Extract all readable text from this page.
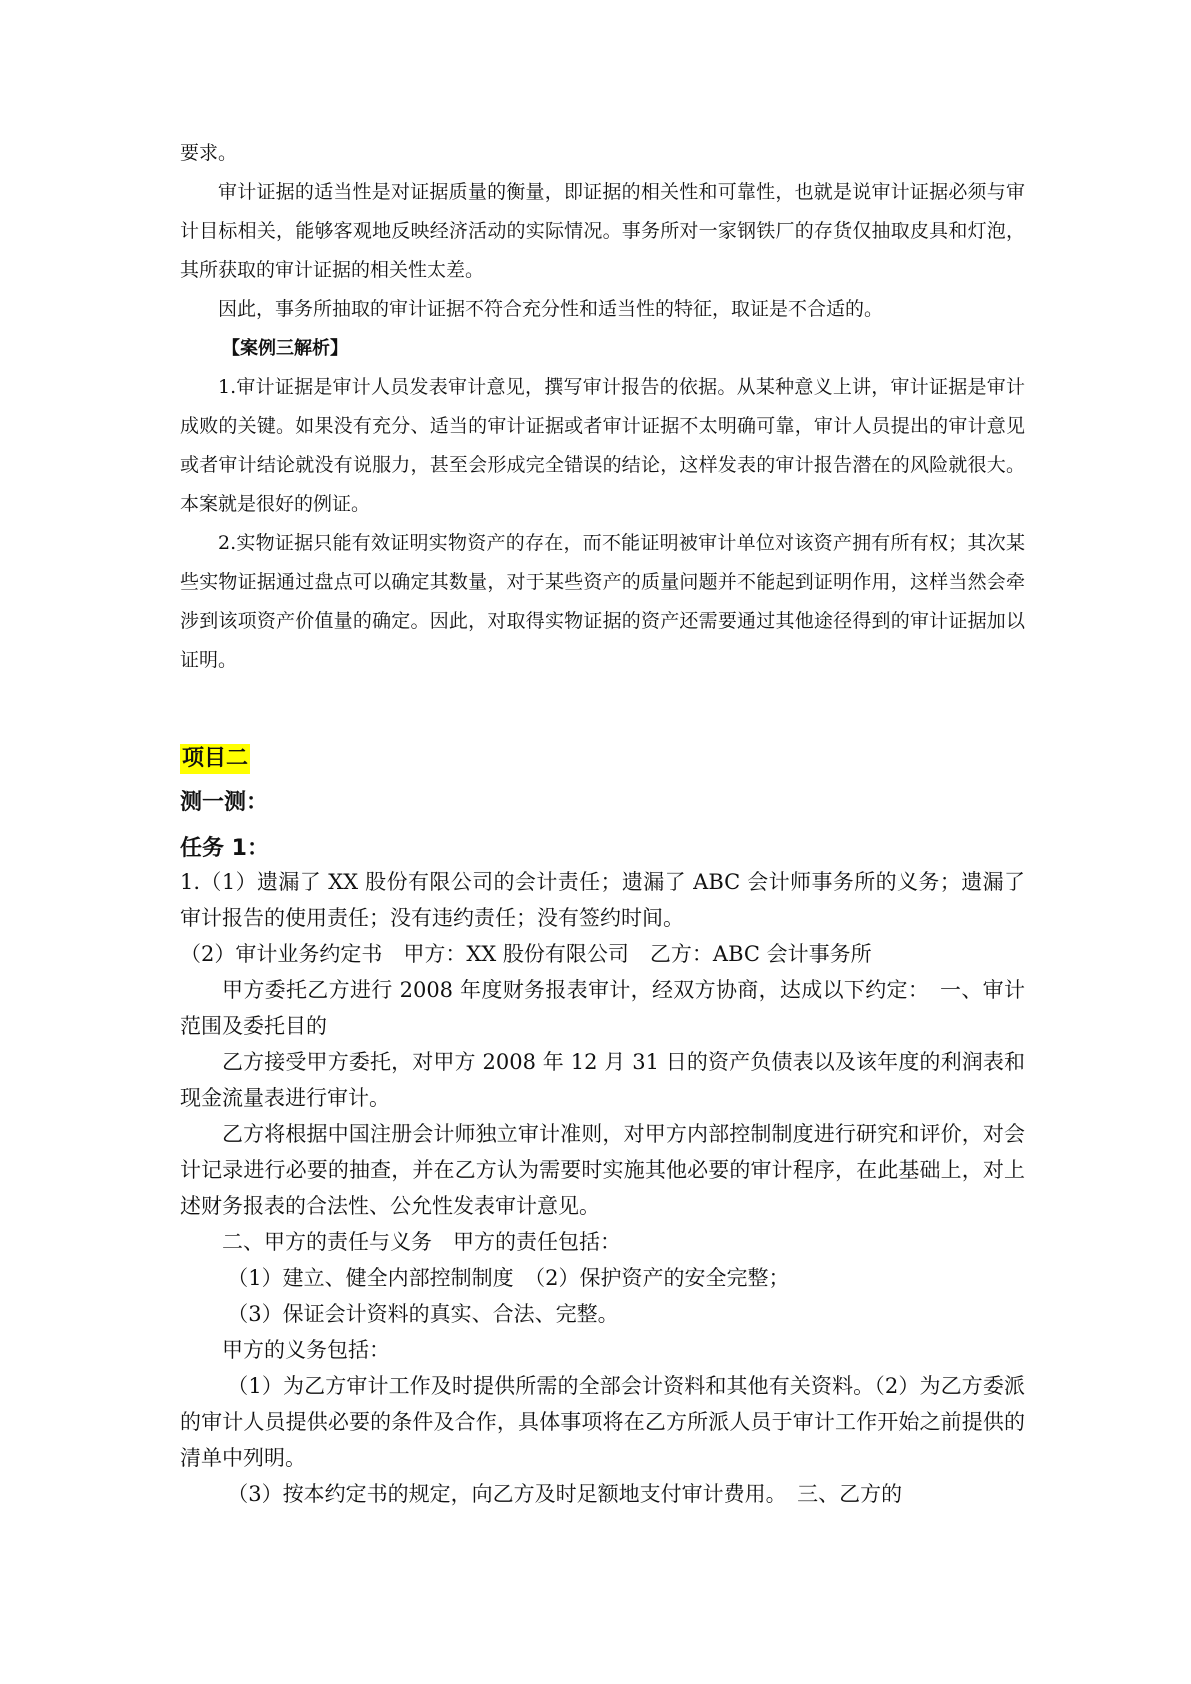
要求。

审计证据的适当性是对证据质量的衡量，即证据的相关性和可靠性，也就是说审计证据必须与审计目标相关，能够客观地反映经济活动的实际情况。事务所对一家钢铁厂的存货仅抽取皮具和灯泡，其所获取的审计证据的相关性太差。

因此，事务所抽取的审计证据不符合充分性和适当性的特征，取证是不合适的。

【案例三解析】

1.审计证据是审计人员发表审计意见，撰写审计报告的依据。从某种意义上讲，审计证据是审计成败的关键。如果没有充分、适当的审计证据或者审计证据不太明确可靠，审计人员提出的审计意见或者审计结论就没有说服力，甚至会形成完全错误的结论，这样发表的审计报告潜在的风险就很大。本案就是很好的例证。

2.实物证据只能有效证明实物资产的存在，而不能证明被审计单位对该资产拥有所有权；其次某些实物证据通过盘点可以确定其数量，对于某些资产的质量问题并不能起到证明作用，这样当然会牵涉到该项资产价值量的确定。因此，对取得实物证据的资产还需要通过其他途径得到的审计证据加以证明。

项目二

测一测：

任务 1：

1.（1）遗漏了 XX 股份有限公司的会计责任；遗漏了 ABC 会计师事务所的义务；遗漏了审计报告的使用责任；没有违约责任；没有签约时间。

（2）审计业务约定书　甲方：XX 股份有限公司　乙方：ABC 会计事务所

甲方委托乙方进行 2008 年度财务报表审计，经双方协商，达成以下约定：　一、审计范围及委托目的

乙方接受甲方委托，对甲方 2008 年 12 月 31 日的资产负债表以及该年度的利润表和现金流量表进行审计。

乙方将根据中国注册会计师独立审计准则，对甲方内部控制制度进行研究和评价，对会计记录进行必要的抽查，并在乙方认为需要时实施其他必要的审计程序，在此基础上，对上述财务报表的合法性、公允性发表审计意见。

二、甲方的责任与义务　甲方的责任包括：

（1）建立、健全内部控制制度　（2）保护资产的安全完整；

（3）保证会计资料的真实、合法、完整。

甲方的义务包括：

（1）为乙方审计工作及时提供所需的全部会计资料和其他有关资料。（2）为乙方委派的审计人员提供必要的条件及合作，具体事项将在乙方所派人员于审计工作开始之前提供的清单中列明。

（3）按本约定书的规定，向乙方及时足额地支付审计费用。　三、乙方的
